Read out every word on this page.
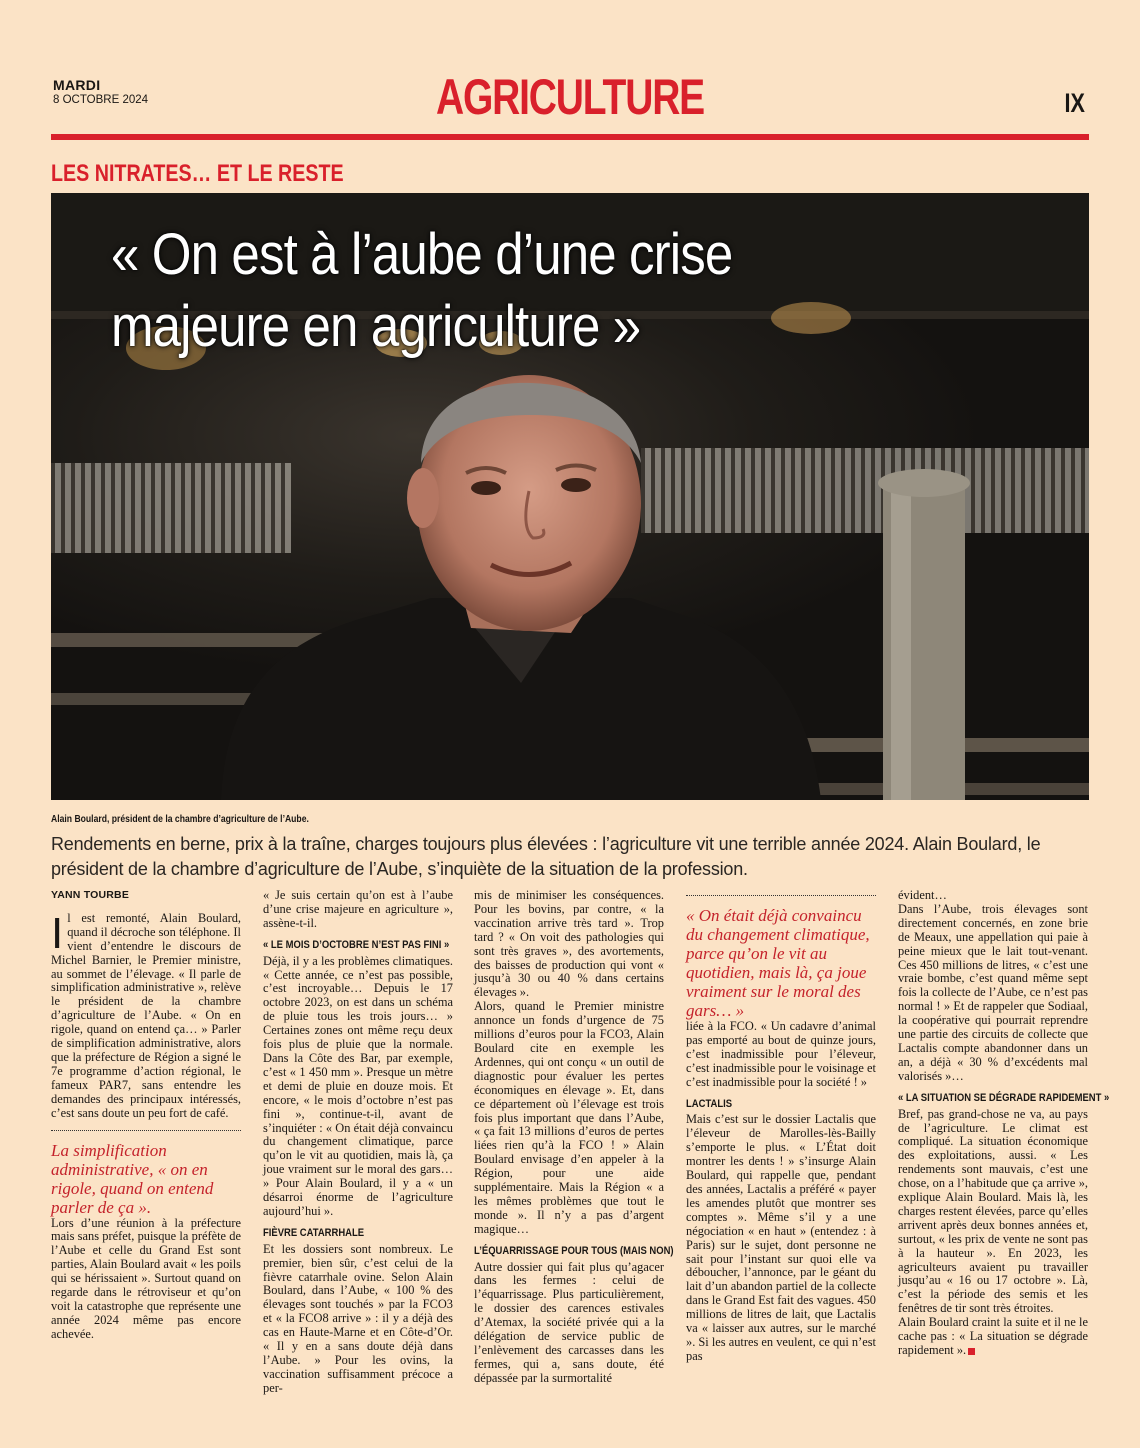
MARDI
8 OCTOBRE 2024	AGRICULTURE	IX
LES NITRATES… ET LE RESTE
« On est à l’aube d’une crise
majeure en agriculture »
Alain Boulard, président de la chambre d’agriculture de l’Aube.
Rendements en berne, prix à la traîne, charges toujours plus élevées : l’agriculture vit une terrible année 2024. Alain Boulard, le président de la chambre d’agriculture de l’Aube, s’inquiète de la situation de la profession.
YANN TOURBE

Il est remonté, Alain Boulard, quand il décroche son téléphone. Il vient d’entendre le discours de Michel Barnier, le Premier ministre, au sommet de l’élevage. « Il parle de simplification administrative », relève le président de la chambre d’agriculture de l’Aube. « On en rigole, quand on entend ça… » Parler de simplification administrative, alors que la préfecture de Région a signé le 7e programme d’action régional, le fameux PAR7, sans entendre les demandes des principaux intéressés, c’est sans doute un peu fort de café.

La simplification administrative, « on en rigole, quand on entend parler de ça ».

Lors d’une réunion à la préfecture mais sans préfet, puisque la préfète de l’Aube et celle du Grand Est sont parties, Alain Boulard avait « les poils qui se hérissaient ». Surtout quand on regarde dans le rétroviseur et qu’on voit la catastrophe que représente une année 2024 même pas encore achevée.

« Je suis certain qu’on est à l’aube d’une crise majeure en agriculture », assène-t-il.

« LE MOIS D’OCTOBRE N’EST PAS FINI »

Déjà, il y a les problèmes climatiques. « Cette année, ce n’est pas possible, c’est incroyable… Depuis le 17 octobre 2023, on est dans un schéma de pluie tous les trois jours… » Certaines zones ont même reçu deux fois plus de pluie que la normale. Dans la Côte des Bar, par exemple, c’est « 1 450 mm ». Presque un mètre et demi de pluie en douze mois. Et encore, « le mois d’octobre n’est pas fini », continue-t-il, avant de s’inquiéter : « On était déjà convaincu du changement climatique, parce qu’on le vit au quotidien, mais là, ça joue vraiment sur le moral des gars… » Pour Alain Boulard, il y a « un désarroi énorme de l’agriculture aujourd’hui ».

FIÈVRE CATARRHALE

Et les dossiers sont nombreux. Le premier, bien sûr, c’est celui de la fièvre catarrhale ovine. Selon Alain Boulard, dans l’Aube, « 100 % des élevages sont touchés » par la FCO3 et « la FCO8 arrive » : il y a déjà des cas en Haute-Marne et en Côte-d’Or. « Il y en a sans doute déjà dans l’Aube. » Pour les ovins, la vaccination suffisamment précoce a per-

mis de minimiser les conséquences. Pour les bovins, par contre, « la vaccination arrive très tard ». Trop tard ? « On voit des pathologies qui sont très graves », des avortements, des baisses de production qui vont « jusqu’à 30 ou 40 % dans certains élevages ».

Alors, quand le Premier ministre annonce un fonds d’urgence de 75 millions d’euros pour la FCO3, Alain Boulard cite en exemple les Ardennes, qui ont conçu « un outil de diagnostic pour évaluer les pertes économiques en élevage ». Et, dans ce département où l’élevage est trois fois plus important que dans l’Aube, « ça fait 13 millions d’euros de pertes liées rien qu’à la FCO ! » Alain Boulard envisage d’en appeler à la Région, pour une aide supplémentaire. Mais la Région « a les mêmes problèmes que tout le monde ». Il n’y a pas d’argent magique…

L’ÉQUARRISSAGE POUR TOUS (MAIS NON)

Autre dossier qui fait plus qu’agacer dans les fermes : celui de l’équarrissage. Plus particulièrement, le dossier des carences estivales d’Atemax, la société privée qui a la délégation de service public de l’enlèvement des carcasses dans les fermes, qui a, sans doute, été dépassée par la surmortalité

« On était déjà convaincu du changement climatique, parce qu’on le vit au quotidien, mais là, ça joue vraiment sur le moral des gars… »

liée à la FCO. « Un cadavre d’animal pas emporté au bout de quinze jours, c’est inadmissible pour l’éleveur, c’est inadmissible pour le voisinage et c’est inadmissible pour la société ! »

LACTALIS

Mais c’est sur le dossier Lactalis que l’éleveur de Marolles-lès-Bailly s’emporte le plus. « L’État doit montrer les dents ! » s’insurge Alain Boulard, qui rappelle que, pendant des années, Lactalis a préféré « payer les amendes plutôt que montrer ses comptes ». Même s’il y a une négociation « en haut » (entendez : à Paris) sur le sujet, dont personne ne sait pour l’instant sur quoi elle va déboucher, l’annonce, par le géant du lait d’un abandon partiel de la collecte dans le Grand Est fait des vagues. 450 millions de litres de lait, que Lactalis va « laisser aux autres, sur le marché ». Si les autres en veulent, ce qui n’est pas

évident…

Dans l’Aube, trois élevages sont directement concernés, en zone brie de Meaux, une appellation qui paie à peine mieux que le lait tout-venant. Ces 450 millions de litres, « c’est une vraie bombe, c’est quand même sept fois la collecte de l’Aube, ce n’est pas normal ! » Et de rappeler que Sodiaal, la coopérative qui pourrait reprendre une partie des circuits de collecte que Lactalis compte abandonner dans un an, a déjà « 30 % d’excédents mal valorisés »…

« LA SITUATION SE DÉGRADE RAPIDEMENT »

Bref, pas grand-chose ne va, au pays de l’agriculture. Le climat est compliqué. La situation économique des exploitations, aussi. « Les rendements sont mauvais, c’est une chose, on a l’habitude que ça arrive », explique Alain Boulard. Mais là, les charges restent élevées, parce qu’elles arrivent après deux bonnes années et, surtout, « les prix de vente ne sont pas à la hauteur ». En 2023, les agriculteurs avaient pu travailler jusqu’au « 16 ou 17 octobre ». Là, c’est la période des semis et les fenêtres de tir sont très étroites.

Alain Boulard craint la suite et il ne le cache pas : « La situation se dégrade rapidement ».
